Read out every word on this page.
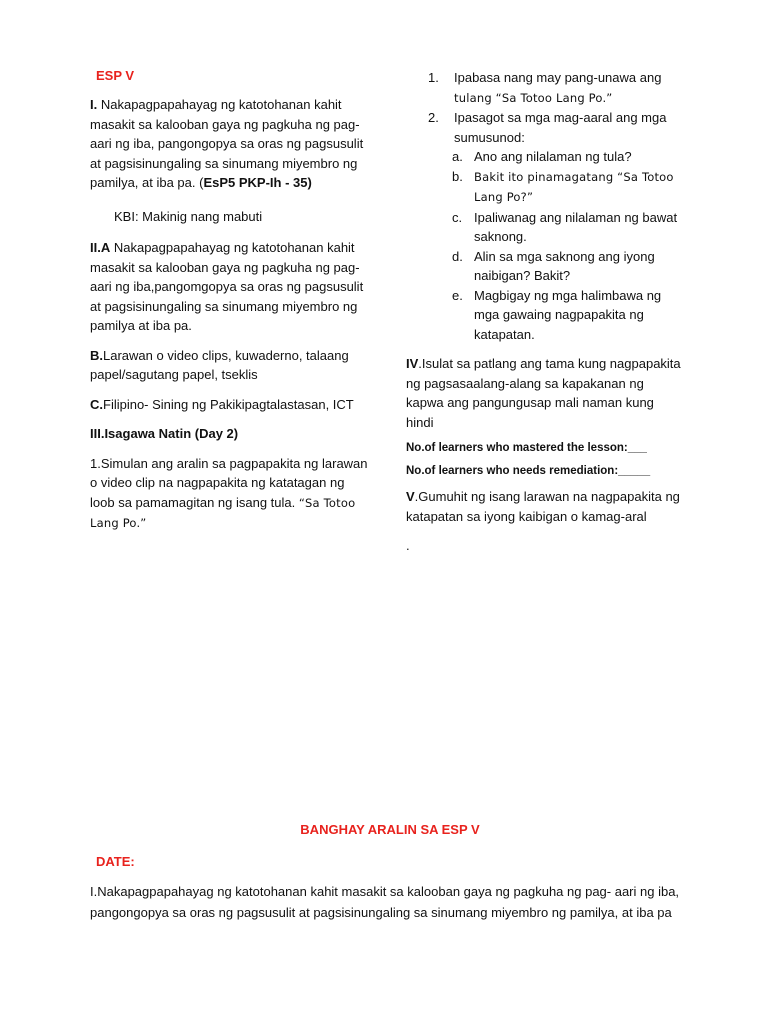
ESP V

I. Nakapagpapahayag ng katotohanan kahit masakit sa kalooban gaya ng pagkuha ng pag-aari ng iba, pangongopya sa oras ng pagsusulit at pagsisinungaling sa sinumang miyembro ng pamilya, at iba pa. (EsP5 PKP-Ih - 35)

KBI: Makinig nang mabuti

II.A Nakapagpapahayag ng katotohanan kahit masakit sa kalooban gaya ng pagkuha ng pag-aari ng iba,pangomgopya sa oras ng pagsusulit at pagsisinungaling sa sinumang miyembro ng pamilya at iba pa.

B.Larawan o video clips, kuwaderno, talaang papel/sagutang papel, tseklis

C.Filipino- Sining ng Pakikipagtalastasan, ICT

III.Isagawa Natin (Day 2)

1.Simulan ang aralin sa pagpapakita ng larawan o video clip na nagpapakita ng katatagan ng loob sa pamamagitan ng isang tula. “Sa Totoo Lang Po.”

1. Ipabasa nang may pang-unawa ang tulang “Sa Totoo Lang Po.”
2. Ipasagot sa mga mag-aaral ang mga sumusunod:
a. Ano ang nilalaman ng tula?
b. Bakit ito pinamagatang “Sa Totoo Lang Po?”
c. Ipaliwanag ang nilalaman ng bawat saknong.
d. Alin sa mga saknong ang iyong naibigan? Bakit?
e. Magbigay ng mga halimbawa ng mga gawaing nagpapakita ng katapatan.

IV.Isulat sa patlang ang tama kung nagpapakita ng pagsasaalang-alang sa kapakanan ng kapwa ang pangungusap mali naman kung hindi

No.of learners who mastered the lesson:___

No.of learners who needs remediation:_____

V.Gumuhit ng isang larawan na nagpapakita ng katapatan sa iyong kaibigan o kamag-aral

.

BANGHAY ARALIN SA ESP V

DATE:

I.Nakapagpapahayag ng katotohanan kahit masakit sa kalooban gaya ng pagkuha ng pag- aari ng iba, pangongopya sa oras ng pagsusulit at pagsisinungaling sa sinumang miyembro ng pamilya, at iba pa
